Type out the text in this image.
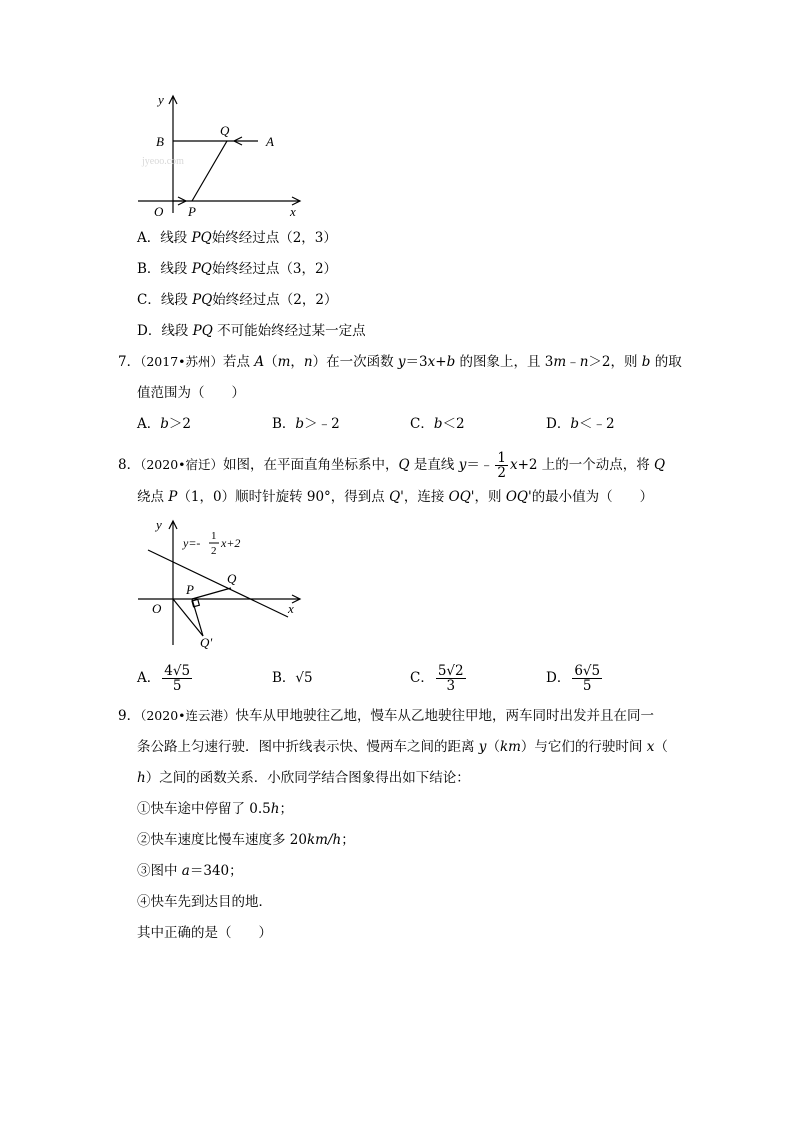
y
B
Q
A
O P	x
jyeoo.com
A．线段 PQ始终经过点（2，3）
B．线段 PQ始终经过点（3，2）
C．线段 PQ始终经过点（2，2）
D．线段 PQ 不可能始终经过某一定点
7．（2017•苏州）若点 A（m，n）在一次函数 y＝3x+b 的图象上，且 3m﹣n＞2，则 b 的取
值范围为（　　）
A．b＞2	B．b＞﹣2	C．b＜2	D．b＜﹣2
8．（2020•宿迁）如图，在平面直角坐标系中，Q 是直线 y＝﹣ $\frac{1}{2} x+2$ 上的一个动点，将 Q
绕点 P（1，0）顺时针旋转 90°，得到点 Q'，连接 OQ'，则 OQ'的最小值为（　　）
y
y=- 1
2
x+2
Q
P
O	x
Q'
A． $\frac{4√5}{5}$	B．√5	C． $\frac{5√2}{3}$	D． $\frac{6√5}{5}$
9．（2020•连云港）快车从甲地驶往乙地，慢车从乙地驶往甲地，两车同时出发并且在同一
条公路上匀速行驶．图中折线表示快、慢两车之间的距离 y（km）与它们的行驶时间 x（
h）之间的函数关系．小欣同学结合图象得出如下结论：
①快车途中停留了 0.5h；
②快车速度比慢车速度多 20km/h；
③图中 a＝340；
④快车先到达目的地．
其中正确的是（　　）
